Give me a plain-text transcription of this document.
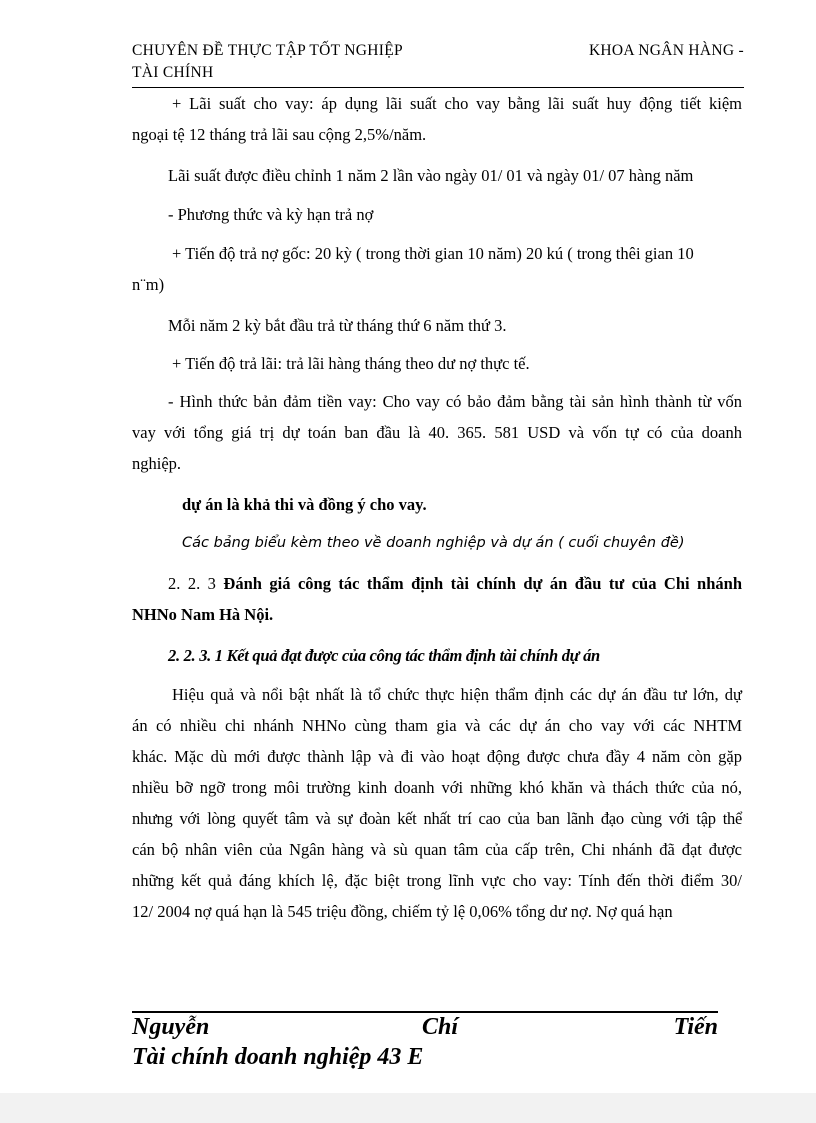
CHUYÊN ĐỀ THỰC TẬP TỐT NGHIỆP	KHOA NGÂN HÀNG -
TÀI CHÍNH
+ Lãi suất cho vay: áp dụng lãi suất cho vay bằng lãi suất huy động tiết kiệm
ngoại tệ 12 tháng trả lãi sau cộng 2,5%/năm.
Lãi suất được điều chỉnh 1 năm 2 lần vào ngày 01/ 01 và ngày 01/ 07 hàng năm
- Phương thức và kỳ hạn trả nợ
+ Tiến độ trả nợ gốc: 20 kỳ ( trong thời gian 10 năm) 20 kú ( trong thêi gian 10
n¨m)
Mỗi năm 2 kỳ bắt đầu trả từ tháng thứ 6 năm thứ 3.
+ Tiến độ trả lãi: trả lãi hàng tháng theo dư nợ thực tế.
- Hình thức bản đảm tiền vay: Cho vay có bảo đảm bằng tài sản hình thành từ vốn
vay với tổng giá trị dự toán ban đầu là 40. 365. 581 USD và vốn tự có của doanh
nghiệp.
dự án là khả thi và đồng ý cho vay.
Các bảng biểu kèm theo về doanh nghiệp và dự án ( cuối chuyên đề)
2. 2. 3 Đánh giá công tác thẩm định tài chính dự án đầu tư của Chi nhánh
NHNo Nam Hà Nội.
2. 2. 3. 1 Kết quả đạt được của công tác thẩm định tài chính dự án
Hiệu quả và nổi bật nhất là tổ chức thực hiện thẩm định các dự án đầu tư lớn, dự
án có nhiều chi nhánh NHNo cùng tham gia và các dự án cho vay với các NHTM
khác. Mặc dù mới được thành lập và đi vào hoạt động được chưa đầy 4 năm còn gặp
nhiều bỡ ngỡ trong môi trường kinh doanh với những khó khăn và thách thức của nó,
nhưng với lòng quyết tâm và sự đoàn kết nhất trí cao của ban lãnh đạo cùng với tập thể
cán bộ nhân viên của Ngân hàng và sù quan tâm của cấp trên, Chi nhánh đã đạt được
những kết quả đáng khích lệ, đặc biệt trong lĩnh vực cho vay: Tính đến thời điểm 30/
12/ 2004 nợ quá hạn là 545 triệu đồng, chiếm tỷ lệ 0,06% tổng dư nợ. Nợ quá hạn
Nguyễn	Chí	Tiến
Tài chính doanh nghiệp 43 E
